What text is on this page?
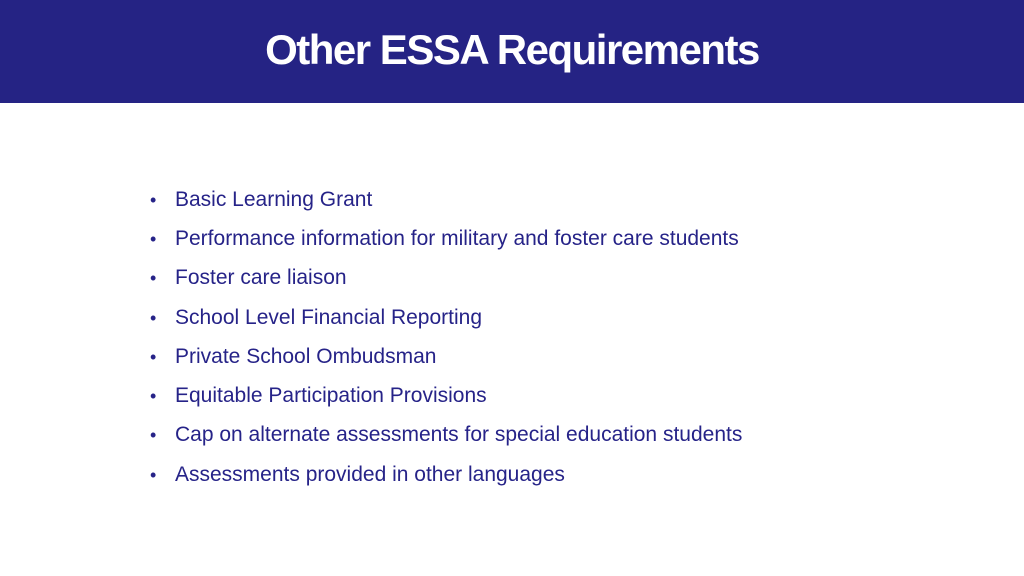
Other ESSA Requirements
• Basic Learning Grant
• Performance information for military and foster care students
• Foster care liaison
• School Level Financial Reporting
• Private School Ombudsman
• Equitable Participation Provisions
• Cap on alternate assessments for special education students
• Assessments provided in other languages
